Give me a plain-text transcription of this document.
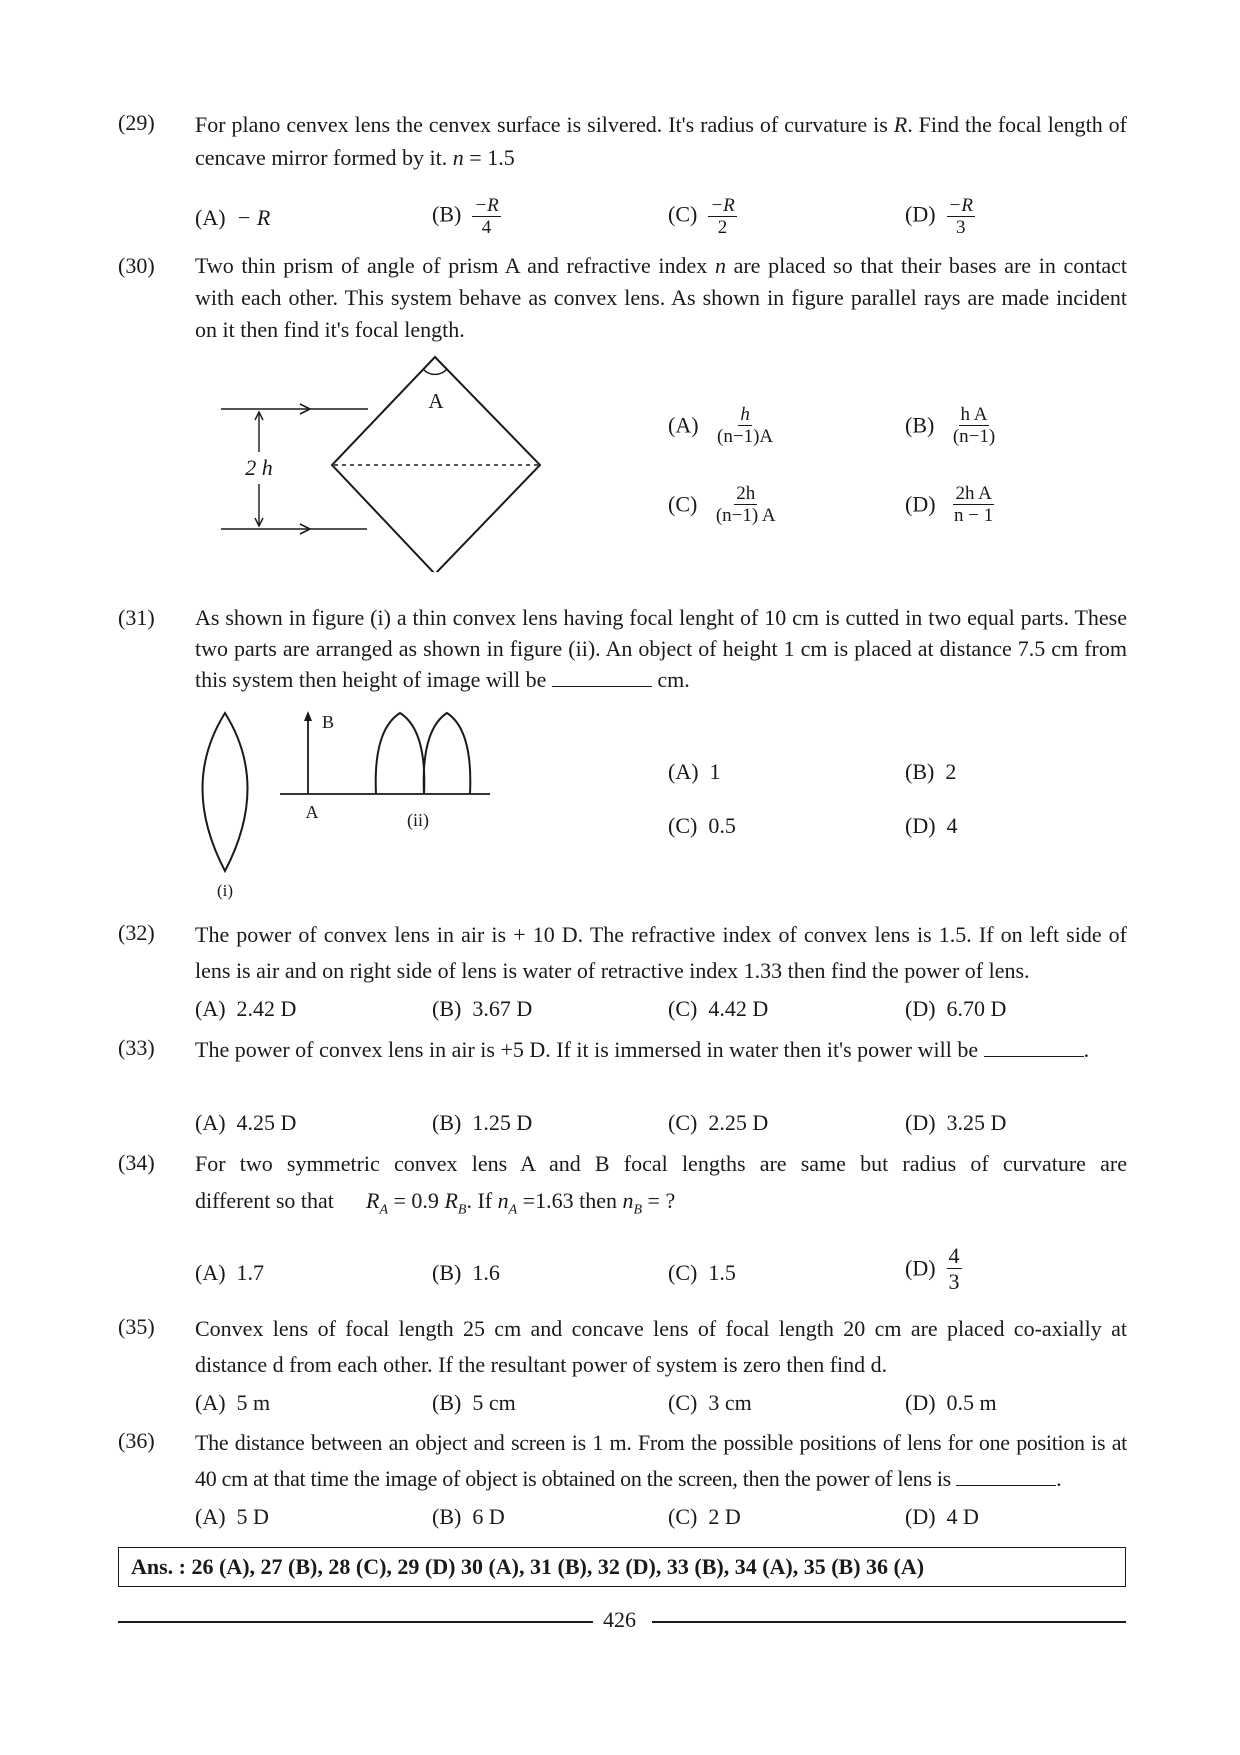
(29) For plano cenvex lens the cenvex surface is silvered. It's radius of curvature is R. Find the focal length of cencave mirror formed by it. n = 1.5
(A) − R	$(B) \frac{-R}{4}$	$(C) \frac{-R}{2}$	$(D) \frac{-R}{3}$
(30) Two thin prism of angle of prism A and refractive index n are placed so that their bases are in contact with each other. This system behave as convex lens. As shown in figure parallel rays are made incident on it then find it's focal length.
2 h
A
$(A) \frac{h}{(n-1)A}$	$(B) \frac{\text{h A}}{(n-1)}$
$(C) \frac{2h}{(n-1) A}$	$(D) \frac{\text{2h A}}{n - 1}$
(31) As shown in figure (i) a thin convex lens having focal lenght of 10 cm is cutted in two equal parts. These two parts are arranged as shown in figure (ii). An object of height 1 cm is placed at distance 7.5 cm from this system then height of image will be	cm.
(i)
B
A	(ii)
(A) 1	(B) 2
(C) 0.5	(D) 4
(32) The power of convex lens in air is + 10 D. The refractive index of convex lens is 1.5. If on left side of lens is air and on right side of lens is water of retractive index 1.33 then find the power of lens.
(A) 2.42 D	(B) 3.67 D	(C) 4.42 D	(D) 6.70 D
(33) The power of convex lens in air is +5 D. If it is immersed in water then it's power will be	.
(A) 4.25 D	(B) 1.25 D	(C) 2.25 D	(D) 3.25 D
(34) For two symmetric convex lens A and B focal lengths are same but radius of curvature are
different so that $R_A = 0.9$ $R_B$. If $n_A =1.63$ then $n_B$ = ?
(A) 1.7	(B) 1.6	(C) 1.5	$(D) \frac{4}{3}$
(35) Convex lens of focal length 25 cm and concave lens of focal length 20 cm are placed co-axially at distance d from each other. If the resultant power of system is zero then find d.
(A) 5 m	(B) 5 cm	(C) 3 cm	(D) 0.5 m
(36) The distance between an object and screen is 1 m. From the possible positions of lens for one position is at 40 cm at that time the image of object is obtained on the screen, then the power of lens is	.
(A) 5 D	(B) 6 D	(C) 2 D	(D) 4 D
Ans. : 26 (A), 27 (B), 28 (C), 29 (D) 30 (A), 31 (B), 32 (D), 33 (B), 34 (A), 35 (B) 36 (A)
426
